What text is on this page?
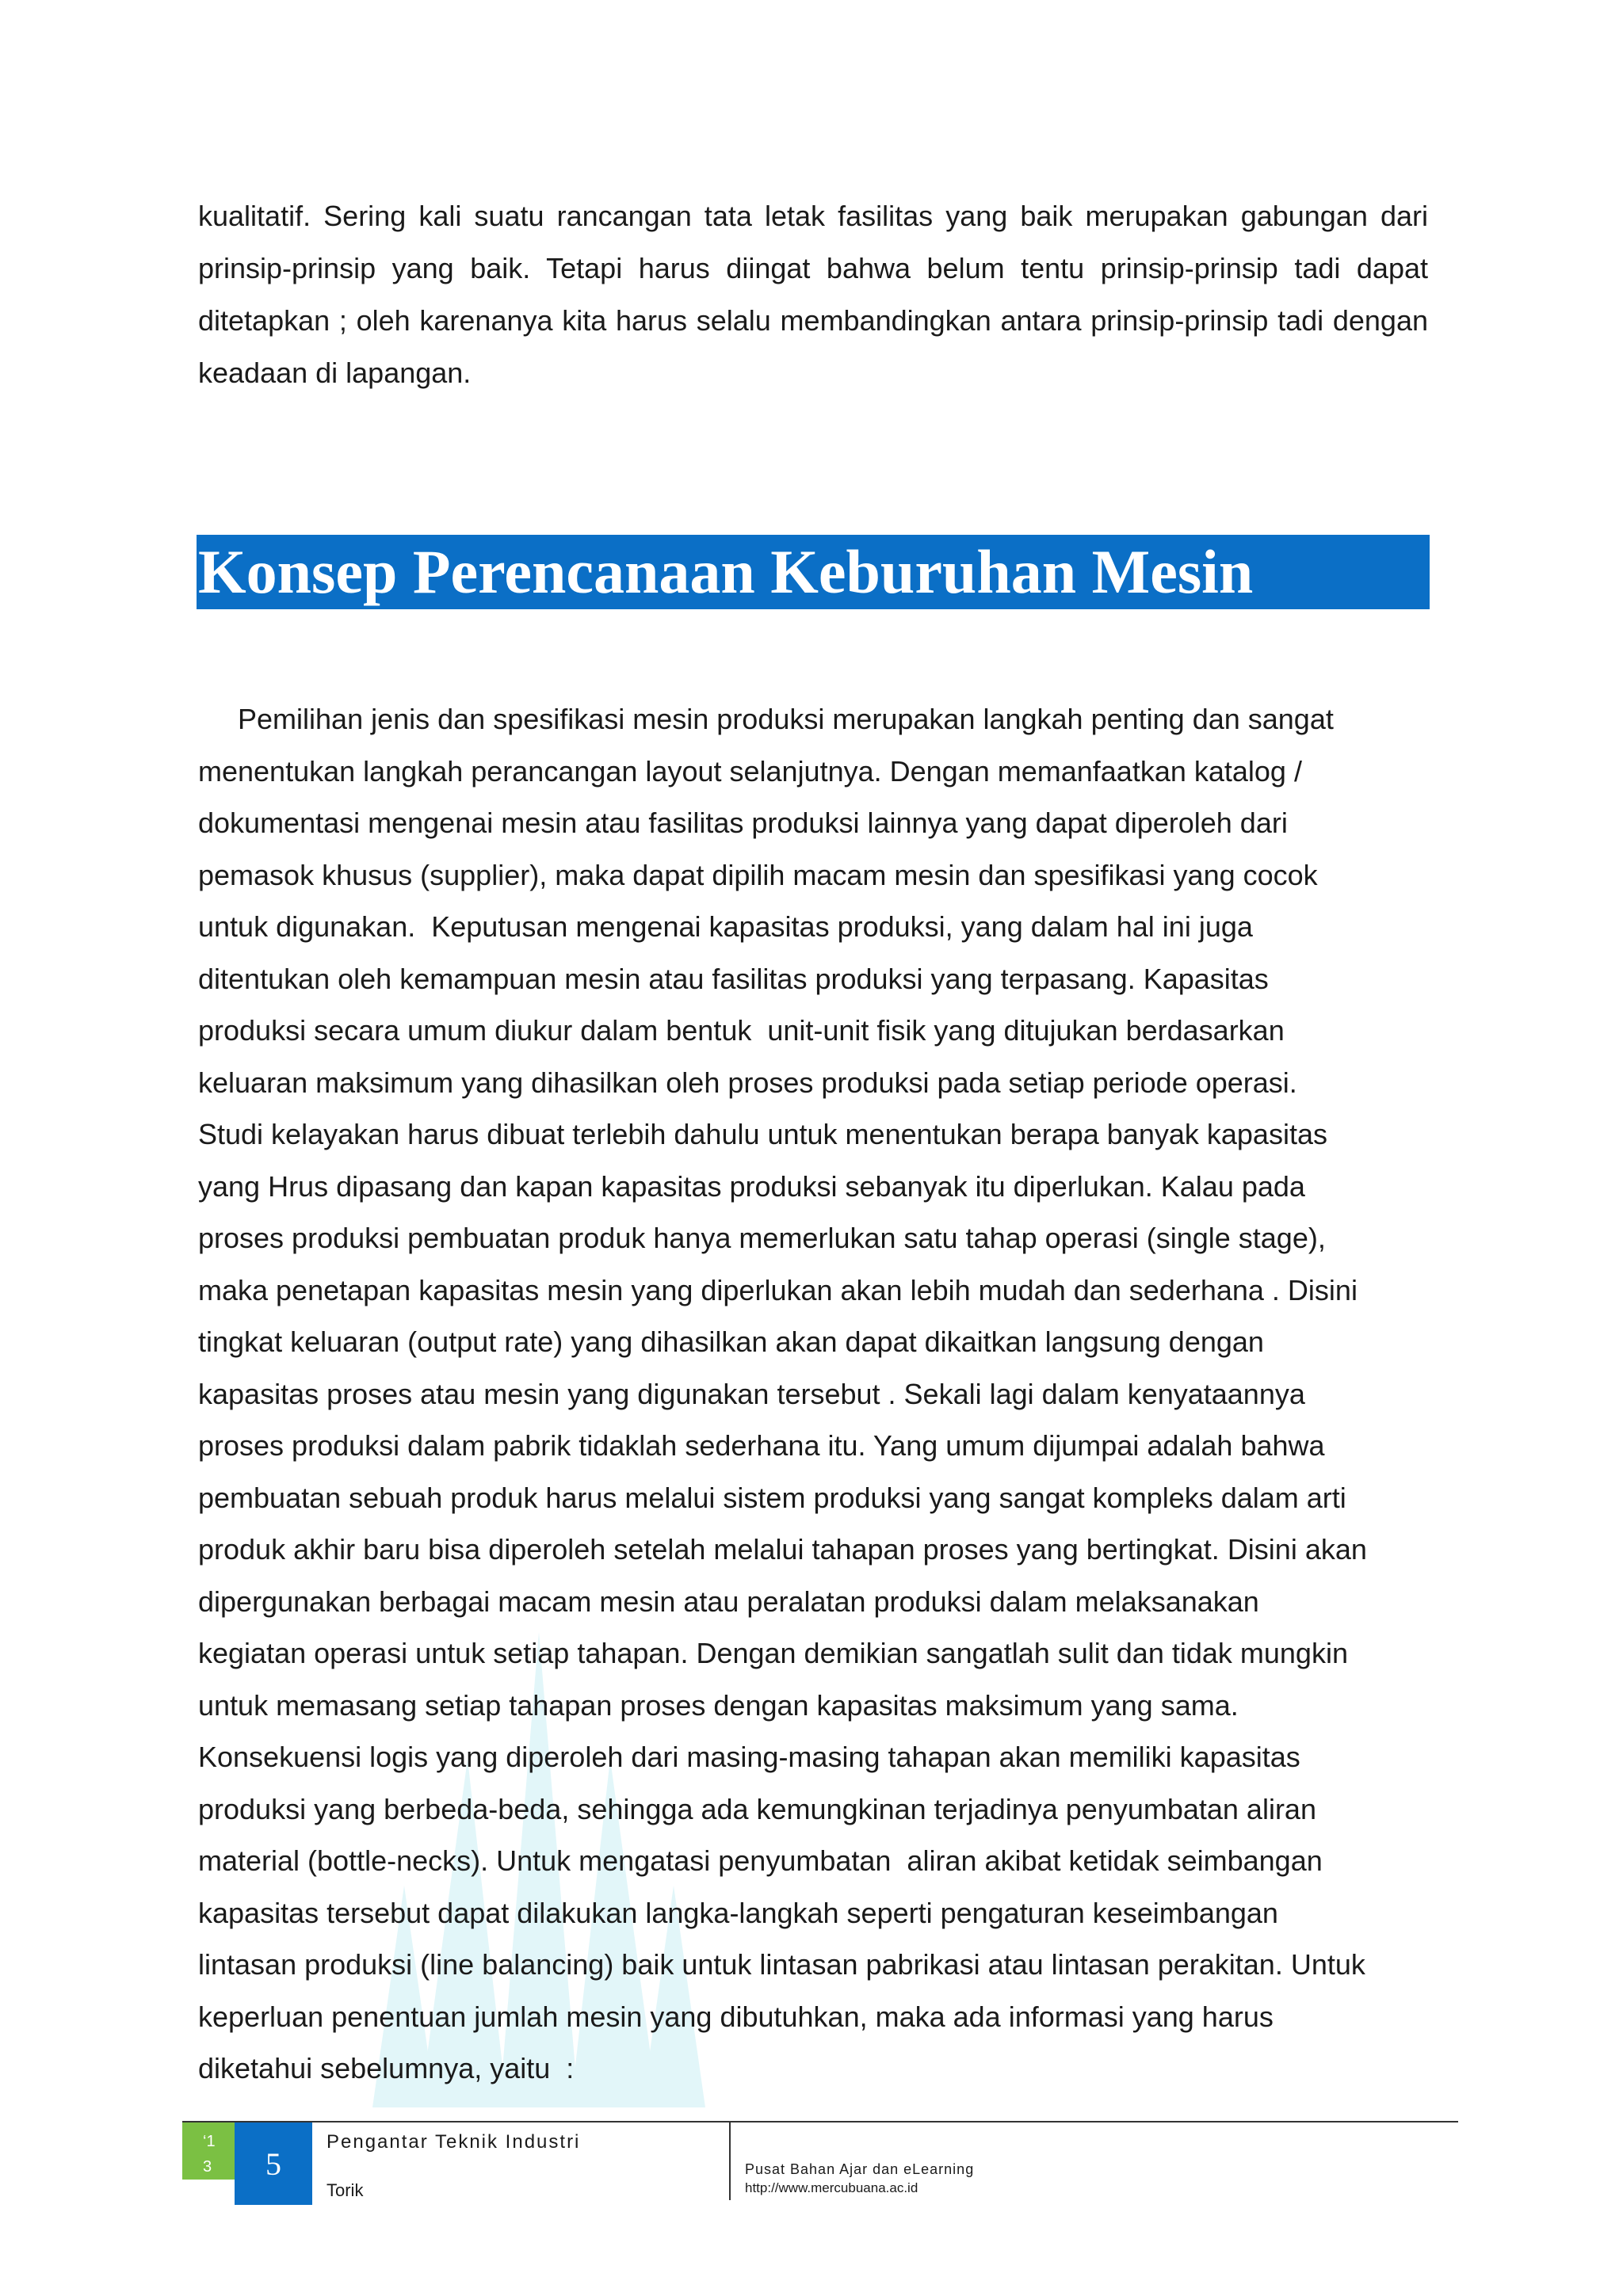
kualitatif. Sering kali suatu rancangan tata letak fasilitas yang baik merupakan gabungan dari prinsip-prinsip yang baik. Tetapi harus diingat bahwa belum tentu prinsip-prinsip tadi dapat ditetapkan ; oleh karenanya kita harus selalu membandingkan antara prinsip-prinsip tadi dengan keadaan di lapangan.

Konsep Perencanaan Keburuhan Mesin
Pemilihan jenis dan spesifikasi mesin produksi merupakan langkah penting dan sangat
menentukan langkah perancangan layout selanjutnya. Dengan memanfaatkan katalog /
dokumentasi mengenai mesin atau fasilitas produksi lainnya yang dapat diperoleh dari
pemasok khusus (supplier), maka dapat dipilih macam mesin dan spesifikasi yang cocok
untuk digunakan.  Keputusan mengenai kapasitas produksi, yang dalam hal ini juga
ditentukan oleh kemampuan mesin atau fasilitas produksi yang terpasang. Kapasitas
produksi secara umum diukur dalam bentuk  unit-unit fisik yang ditujukan berdasarkan
keluaran maksimum yang dihasilkan oleh proses produksi pada setiap periode operasi.
Studi kelayakan harus dibuat terlebih dahulu untuk menentukan berapa banyak kapasitas
yang Hrus dipasang dan kapan kapasitas produksi sebanyak itu diperlukan. Kalau pada
proses produksi pembuatan produk hanya memerlukan satu tahap operasi (single stage),
maka penetapan kapasitas mesin yang diperlukan akan lebih mudah dan sederhana . Disini
tingkat keluaran (output rate) yang dihasilkan akan dapat dikaitkan langsung dengan
kapasitas proses atau mesin yang digunakan tersebut . Sekali lagi dalam kenyataannya
proses produksi dalam pabrik tidaklah sederhana itu. Yang umum dijumpai adalah bahwa
pembuatan sebuah produk harus melalui sistem produksi yang sangat kompleks dalam arti
produk akhir baru bisa diperoleh setelah melalui tahapan proses yang bertingkat. Disini akan
dipergunakan berbagai macam mesin atau peralatan produksi dalam melaksanakan
kegiatan operasi untuk setiap tahapan. Dengan demikian sangatlah sulit dan tidak mungkin
untuk memasang setiap tahapan proses dengan kapasitas maksimum yang sama.
Konsekuensi logis yang diperoleh dari masing-masing tahapan akan memiliki kapasitas
produksi yang berbeda-beda, sehingga ada kemungkinan terjadinya penyumbatan aliran
material (bottle-necks). Untuk mengatasi penyumbatan  aliran akibat ketidak seimbangan
kapasitas tersebut dapat dilakukan langka-langkah seperti pengaturan keseimbangan
lintasan produksi (line balancing) baik untuk lintasan pabrikasi atau lintasan perakitan. Untuk
keperluan penentuan jumlah mesin yang dibutuhkan, maka ada informasi yang harus
diketahui sebelumnya, yaitu  :
‘1
3	5
Pengantar Teknik Industri
Torik
Pusat Bahan Ajar dan eLearning
http://www.mercubuana.ac.id
